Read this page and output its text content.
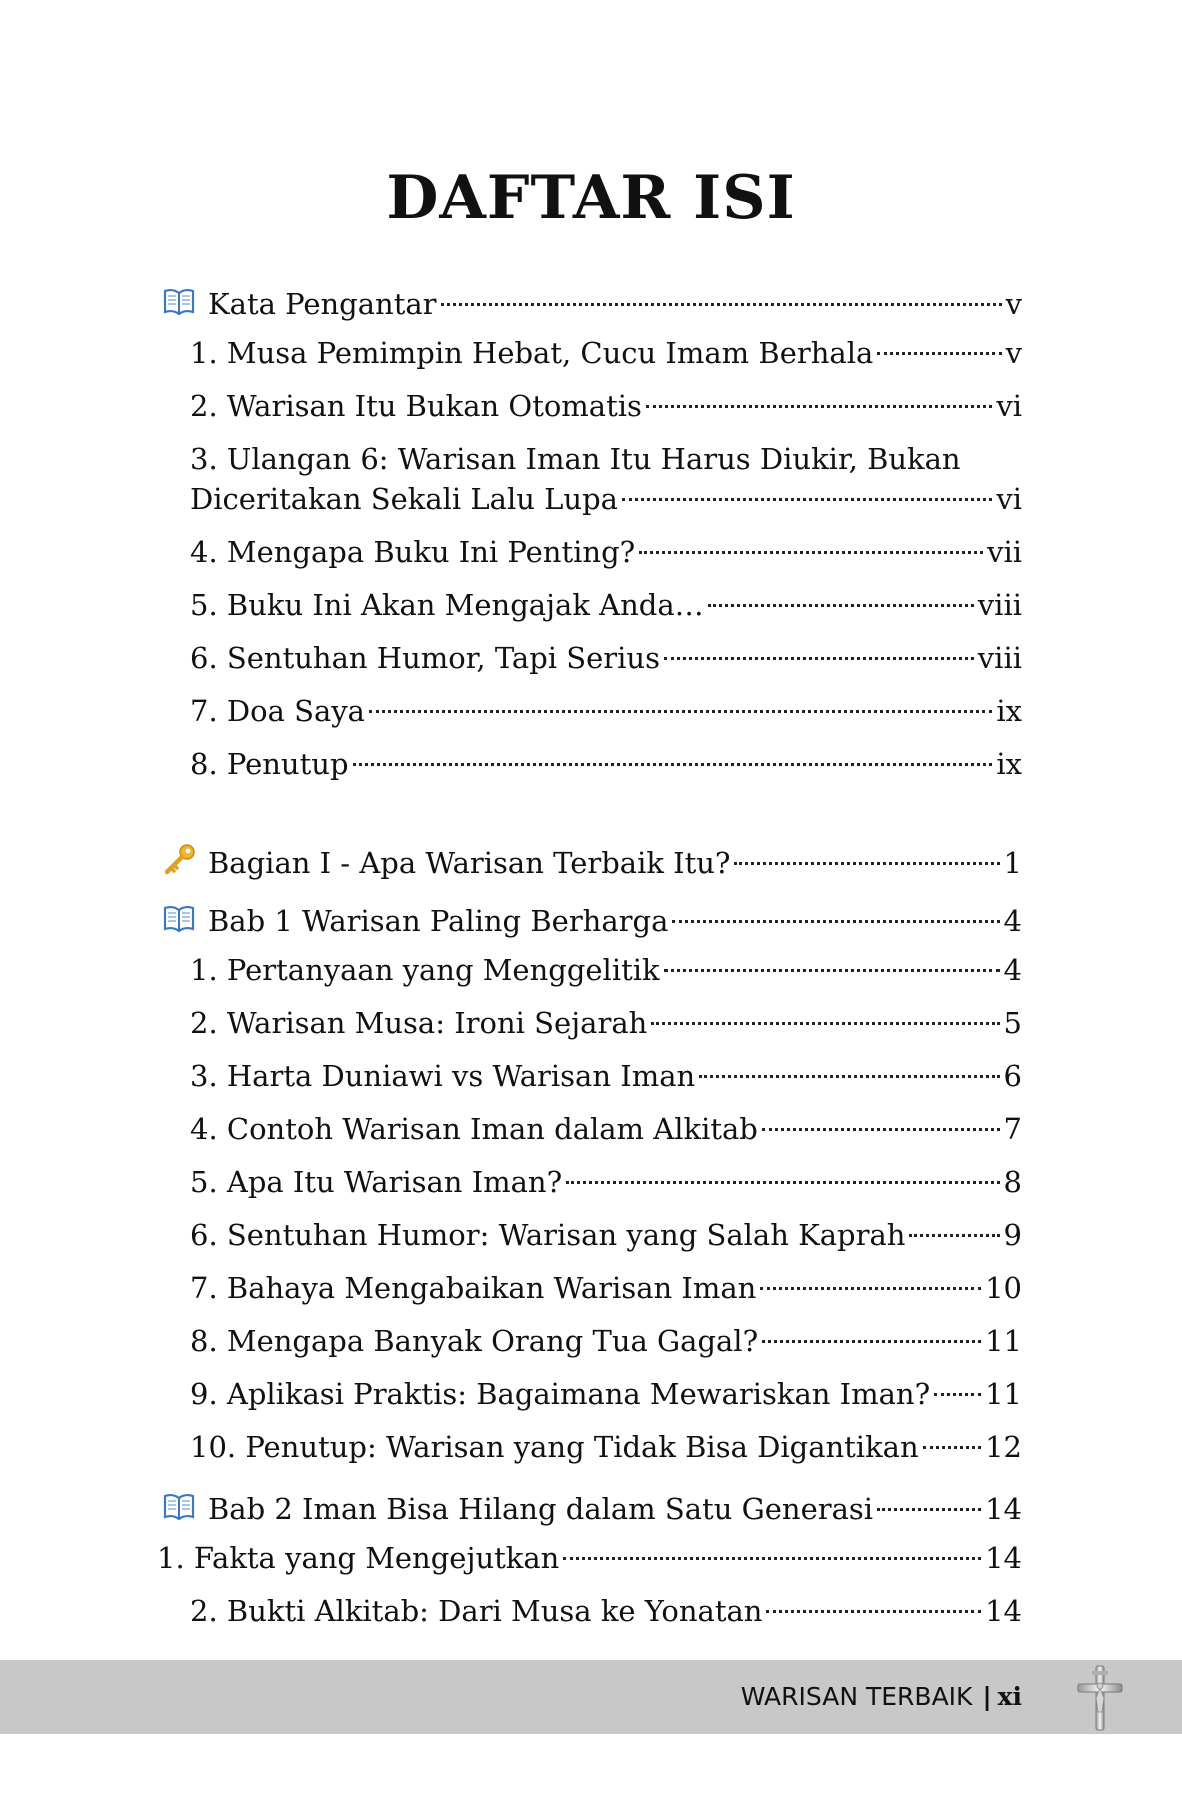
DAFTAR ISI
Kata Pengantar	v
1. Musa Pemimpin Hebat, Cucu Imam Berhala	v
2. Warisan Itu Bukan Otomatis	vi
3. Ulangan 6: Warisan Iman Itu Harus Diukir, Bukan
Diceritakan Sekali Lalu Lupa	vi
4. Mengapa Buku Ini Penting?	vii
5. Buku Ini Akan Mengajak Anda…	viii
6. Sentuhan Humor, Tapi Serius	viii
7. Doa Saya	ix
8. Penutup	ix
Bagian I - Apa Warisan Terbaik Itu?	1
Bab 1 Warisan Paling Berharga	4
1. Pertanyaan yang Menggelitik	4
2. Warisan Musa: Ironi Sejarah	5
3. Harta Duniawi vs Warisan Iman	6
4. Contoh Warisan Iman dalam Alkitab	7
5. Apa Itu Warisan Iman?	8
6. Sentuhan Humor: Warisan yang Salah Kaprah	9
7. Bahaya Mengabaikan Warisan Iman	10
8. Mengapa Banyak Orang Tua Gagal?	11
9. Aplikasi Praktis: Bagaimana Mewariskan Iman? 11
10. Penutup: Warisan yang Tidak Bisa Digantikan 12
Bab 2 Iman Bisa Hilang dalam Satu Generasi	14
1. Fakta yang Mengejutkan	14
2. Bukti Alkitab: Dari Musa ke Yonatan	14
WARISAN TERBAIK | xi
